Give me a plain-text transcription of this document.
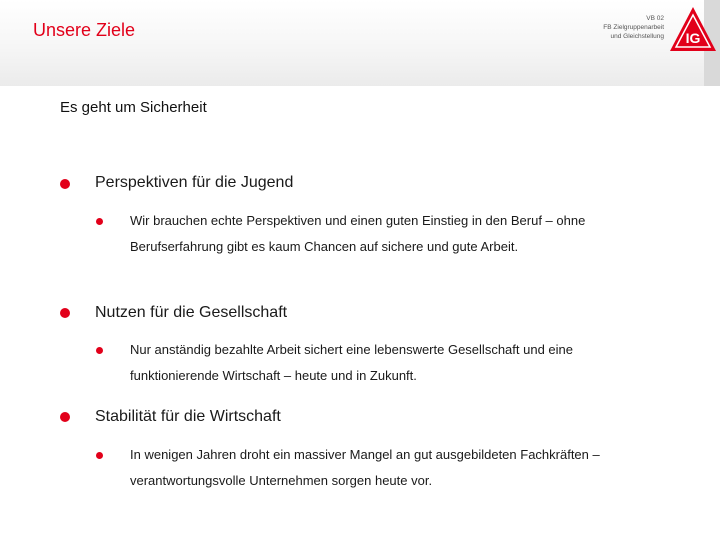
Unsere Ziele
VB 02
FB Zielgruppenarbeit
und Gleichstellung IG
Es geht um Sicherheit
Perspektiven für die Jugend
Wir brauchen echte Perspektiven und einen guten Einstieg in den Beruf – ohne Berufserfahrung gibt es kaum Chancen auf sichere und gute Arbeit.
Nutzen für die Gesellschaft
Nur anständig bezahlte Arbeit sichert eine lebenswerte Gesellschaft und eine funktionierende Wirtschaft – heute und in Zukunft.
Stabilität für die Wirtschaft
In wenigen Jahren droht ein massiver Mangel an gut ausgebildeten Fachkräften – verantwortungsvolle Unternehmen sorgen heute vor.
